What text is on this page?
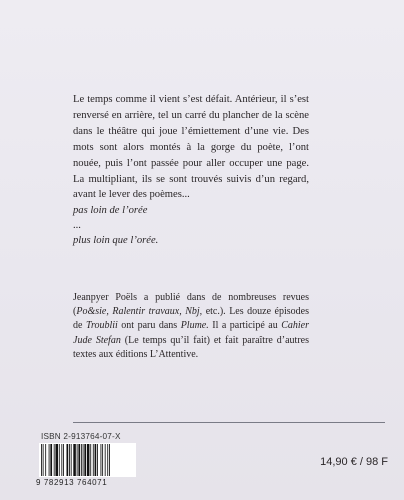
Le temps comme il vient s’est défait. Antérieur, il s’est renversé en arrière, tel un carré du plancher de la scène dans le théâtre qui joue l’émiettement d’une vie. Des mots sont alors montés à la gorge du poète, l’ont nouée, puis l’ont passée pour aller occuper une page. La multipliant, ils se sont trouvés suivis d’un regard, avant le lever des poèmes...
pas loin de l’orée
...
plus loin que l’orée.

Jeanpyer Poëls a publié dans de nombreuses revues (Po&sie, Ralentir travaux, Nbj, etc.). Les douze épisodes de Troublii ont paru dans Plume. Il a participé au Cahier Jude Stefan (Le temps qu’il fait) et fait paraître d’autres textes aux éditions L’Attentive.

ISBN 2-913764-07-X
9 782913 764071
14,90 € / 98 F
